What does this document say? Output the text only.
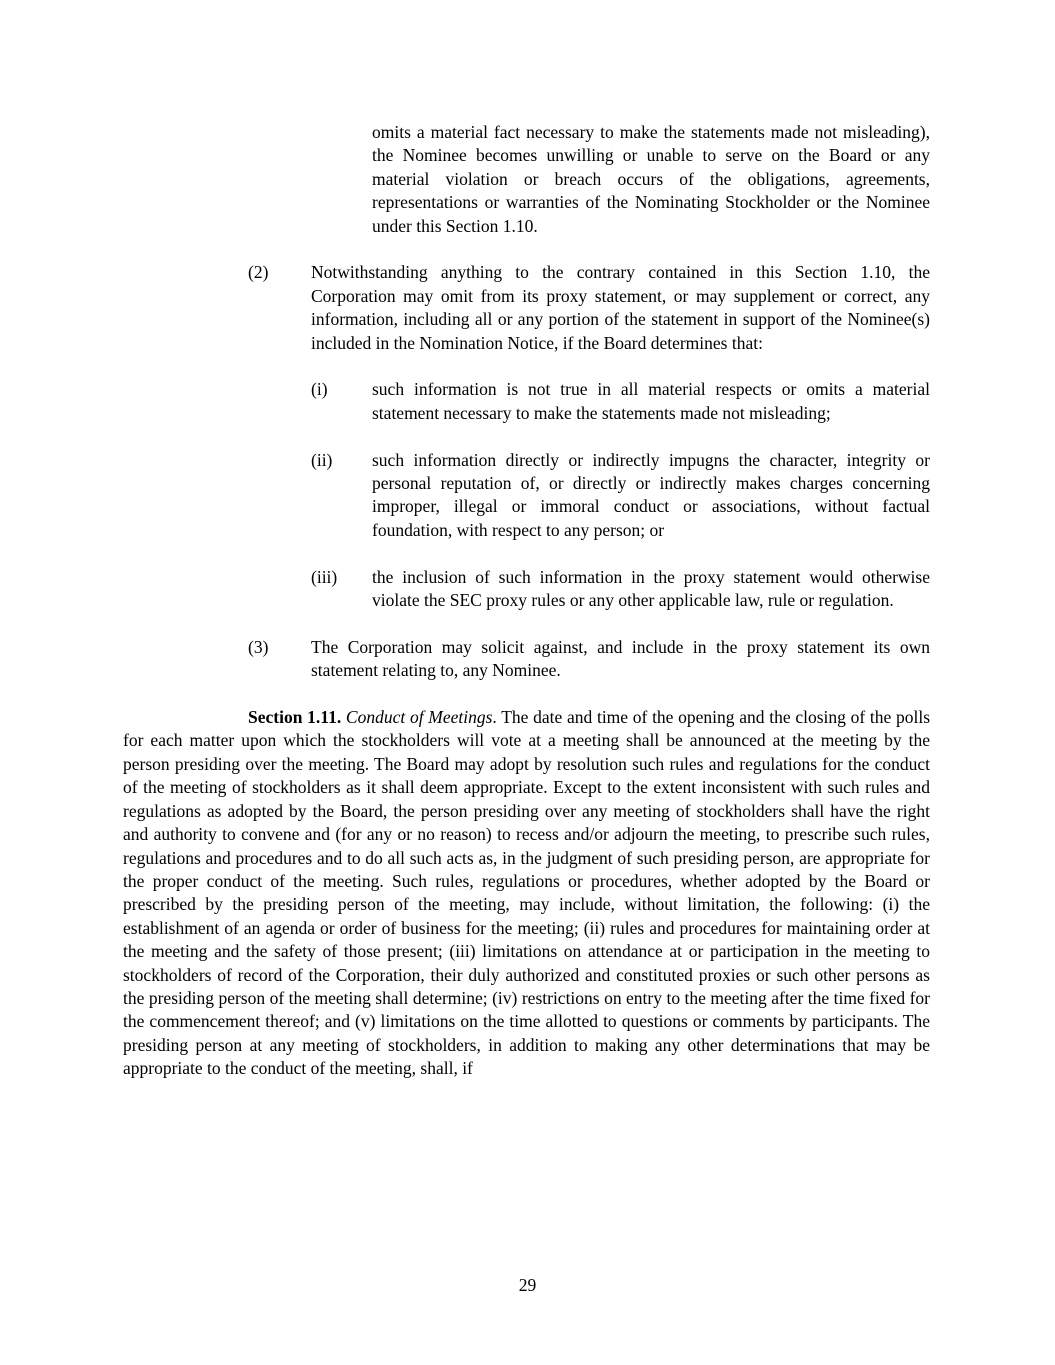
omits a material fact necessary to make the statements made not misleading), the Nominee becomes unwilling or unable to serve on the Board or any material violation or breach occurs of the obligations, agreements, representations or warranties of the Nominating Stockholder or the Nominee under this Section 1.10.

(2)	Notwithstanding anything to the contrary contained in this Section 1.10, the Corporation may omit from its proxy statement, or may supplement or correct, any information, including all or any portion of the statement in support of the Nominee(s) included in the Nomination Notice, if the Board determines that:
(i)	such information is not true in all material respects or omits a material statement necessary to make the statements made not misleading;
(ii)	such information directly or indirectly impugns the character, integrity or personal reputation of, or directly or indirectly makes charges concerning improper, illegal or immoral conduct or associations, without factual foundation, with respect to any person; or
(iii)	the inclusion of such information in the proxy statement would otherwise violate the SEC proxy rules or any other applicable law, rule or regulation.
(3)	The Corporation may solicit against, and include in the proxy statement its own statement relating to, any Nominee.

Section 1.11. Conduct of Meetings. The date and time of the opening and the closing of the polls for each matter upon which the stockholders will vote at a meeting shall be announced at the meeting by the person presiding over the meeting. The Board may adopt by resolution such rules and regulations for the conduct of the meeting of stockholders as it shall deem appropriate. Except to the extent inconsistent with such rules and regulations as adopted by the Board, the person presiding over any meeting of stockholders shall have the right and authority to convene and (for any or no reason) to recess and/or adjourn the meeting, to prescribe such rules, regulations and procedures and to do all such acts as, in the judgment of such presiding person, are appropriate for the proper conduct of the meeting. Such rules, regulations or procedures, whether adopted by the Board or prescribed by the presiding person of the meeting, may include, without limitation, the following: (i) the establishment of an agenda or order of business for the meeting; (ii) rules and procedures for maintaining order at the meeting and the safety of those present; (iii) limitations on attendance at or participation in the meeting to stockholders of record of the Corporation, their duly authorized and constituted proxies or such other persons as the presiding person of the meeting shall determine; (iv) restrictions on entry to the meeting after the time fixed for the commencement thereof; and (v) limitations on the time allotted to questions or comments by participants. The presiding person at any meeting of stockholders, in addition to making any other determinations that may be appropriate to the conduct of the meeting, shall, if

29
